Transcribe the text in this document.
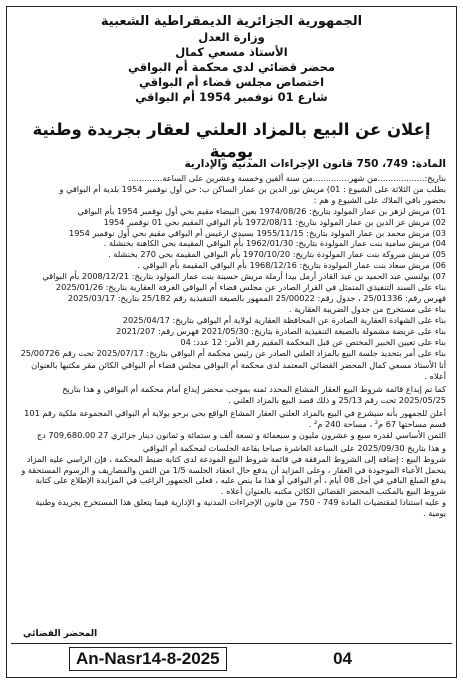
الجمهورية الجزائرية الديمقراطية الشعبية
وزارة العدل
الأستاذ مسعي كمال
محضر قضائي لدى محكمة أم البواقي
اختصاص مجلس قضاء أم البواقي
شارع 01 نوفمبر 1954 أم البواقي
إعلان عن البيع بالمزاد العلني لعقار بجريدة وطنية يومية
المادة: 749، 750 قانون الإجراءات المدنية والإدارية

بتاريخ:..................من شهر..............من سنة ألفين وخمسة وعشرين على الساعة.............

بطلب من الثلاثة على الشيوع : 01) مريش نور الدين بن عمار الساكن ب: حي أول نوفمبر 1954 بلدية أم البواقي و

بحضور باقي الملاك على الشيوع و هم :

01) مريش لزهر بن عمار المولود بتاريخ: 1974/08/26 بعين البيضاء مقيم بحي أول نوفمبر 1954 بأم البواقي

02) مريش عز الدين بن عمار المولود بتاريخ: 1972/08/11 بأم البواقي المقيم بحي 01 نوفمبر 1954

03) مريش محمد بن عمار المولود بتاريخ: 1955/11/15 بسيدي ارغيس أم البواقي مقيم بحي أول نوفمبر 1954

04) مريش سامية بنت عمار المولودة بتاريخ: 1962/01/30 بأم البواقي المقيمة بحي الكاهنة بخنشلة .

05) مريش مبروكة بنت عمار المولودة بتاريخ: 1970/10/20 بأم البواقي المقيمة بحي 270 بخنشلة .

06) مريش سعاد بنت عمار المولودة بتاريخ: 1968/12/16 بأم البواقي المقيمة بأم البواقي .

07) بولنسي عبد الحميد بن عبد القادر أرمل بيدا أرملة مريش حسينة بنت عمار المولود بتاريخ: 2008/12/21 بأم البواقي

بناء على السند التنفيذي المتمثل في القرار الصادر عن مجلس قضاء أم البواقي الغرفة العقارية بتاريخ: 2025/01/26

فهرس رقم: 25/01336 ، جدول رقم: 25/00022 الممهور بالصيغة التنفيذية رقم 25/182 بتاريخ: 2025/03/17

بناء على مستخرج من جدول الضريبة العقارية .

بناء على الشهادة العقارية الصادرة عن المحافظة العقارية لولاية أم البواقي بتاريخ: 2025/04/17

بناء على عريضة مشمولة بالصيغة التنفيذية الصادرة بتاريخ: 2021/05/30 فهرس رقم: 2021/207

بناء على تعيين الخبير المختص عن قبل المحكمة المقيم رقم الأمر: 12 عدد: 04

بناء على أمر بتحديد جلسة البيع بالمزاد العلني الصادر عن رئيس محكمة أم البواقي بتاريخ: 2025/07/17 تحت رقم 25/00726

أنا الأستاذ مسعي كمال المحضر القضائي المعتمد لدى محكمة أم البواقي مجلس قضاء أم البواقي الكائن مقر مكتبها بالعنوان أعلاه .

كما تم إيداع قائمة شروط البيع العقار المشاع المحدد ثمنه بموجب محضر إيداع أمام محكمة أم البواقي و هذا بتاريخ 2025/05/25 تحت رقم 25/13 و ذلك قصد البيع بالمزاد العلني .

أعلن للجمهور بأنه سيشرع في البيع بالمزاد العلني العقار المشاع الواقع بحي برحو بولاية أم البواقي المجموعة ملكية رقم 101 قسم مساحتها 67 م² ، مساحة 240 م² .

الثمن الأساسي لقدره سبع و عشرون مليون و سبعمائة و تسعة ألف و ستمائة و ثمانون دينار جزائري 27 709,680.00 دج

و هذا بتاريخ 2025/09/30 على الساعة العاشرة صباحا بقاعة الجلسات لمحكمة أم البواقي

شروط البيع : إضافة إلى الشروط المرفقة في قائمة شروط البيع المودعة لدى كتابة ضبط المحكمة ، فإن الراسي عليه المزاد يتحمل الأعباء الموجودة في العقار ، وعلى المزايد أن يدفع حال انعقاد الجلسة 1/5 من الثمن والمصاريف و الرسوم المستحقة و يدفع المبلغ الباقي في أجل 08 أيام ، أم البواقي أو هذا ما ينص عليه ، فعلى الجمهور الراغب في المزايدة الإطلاع على كتابة شروط البيع بالمكتب المحضر القضائي الكائن مكتبه بالعنوان أعلاه .

و عليه استنادا لمقتضيات المادة 749 - 750 من قانون الإجراءات المدنية و الإدارية فيما يتعلق هذا المستخرج بجريدة وطنية يومية .

المحضر القضائي
An-Nasr14-8-2025	04
